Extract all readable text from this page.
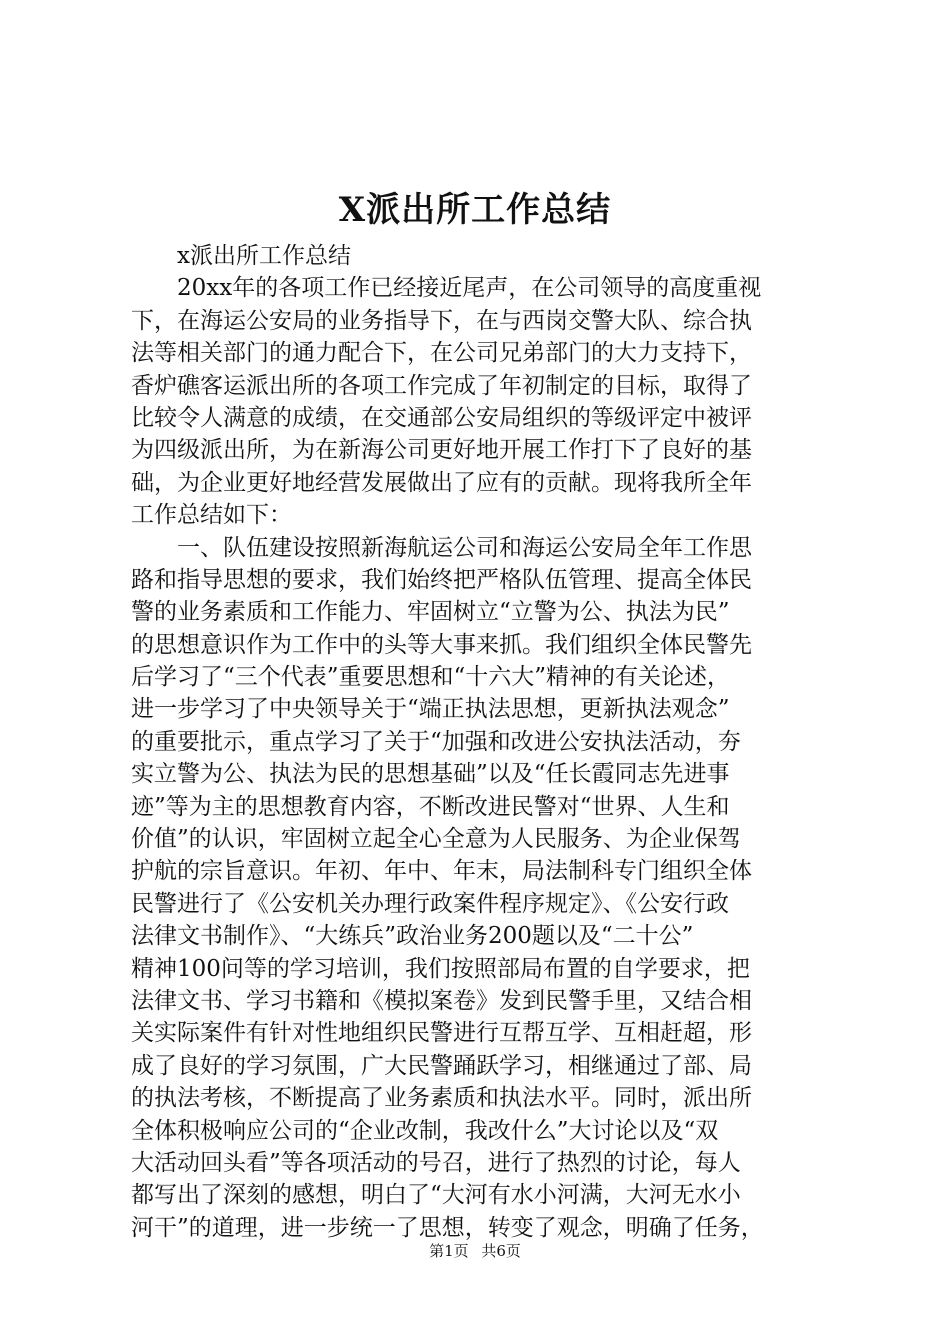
X派出所工作总结
　　x派出所工作总结
　　20xx年的各项工作已经接近尾声，在公司领导的高度重视
下，在海运公安局的业务指导下，在与西岗交警大队、综合执
法等相关部门的通力配合下，在公司兄弟部门的大力支持下，
香炉礁客运派出所的各项工作完成了年初制定的目标，取得了
比较令人满意的成绩，在交通部公安局组织的等级评定中被评
为四级派出所，为在新海公司更好地开展工作打下了良好的基
础，为企业更好地经营发展做出了应有的贡献。现将我所全年
工作总结如下：
　　一、队伍建设按照新海航运公司和海运公安局全年工作思
路和指导思想的要求，我们始终把严格队伍管理、提高全体民
警的业务素质和工作能力、牢固树立“立警为公、执法为民”
的思想意识作为工作中的头等大事来抓。我们组织全体民警先
后学习了“三个代表”重要思想和“十六大”精神的有关论述，
进一步学习了中央领导关于“端正执法思想，更新执法观念”
的重要批示，重点学习了关于“加强和改进公安执法活动，夯
实立警为公、执法为民的思想基础”以及“任长霞同志先进事
迹”等为主的思想教育内容，不断改进民警对“世界、人生和
价值”的认识，牢固树立起全心全意为人民服务、为企业保驾
护航的宗旨意识。年初、年中、年末，局法制科专门组织全体
民警进行了《公安机关办理行政案件程序规定》、《公安行政
法律文书制作》、“大练兵”政治业务200题以及“二十公”
精神100问等的学习培训，我们按照部局布置的自学要求，把
法律文书、学习书籍和《模拟案卷》发到民警手里，又结合相
关实际案件有针对性地组织民警进行互帮互学、互相赶超，形
成了良好的学习氛围，广大民警踊跃学习，相继通过了部、局
的执法考核，不断提高了业务素质和执法水平。同时，派出所
全体积极响应公司的“企业改制，我改什么”大讨论以及“双
大活动回头看”等各项活动的号召，进行了热烈的讨论，每人
都写出了深刻的感想，明白了“大河有水小河满，大河无水小
河干”的道理，进一步统一了思想，转变了观念，明确了任务，
第1页 共6页
